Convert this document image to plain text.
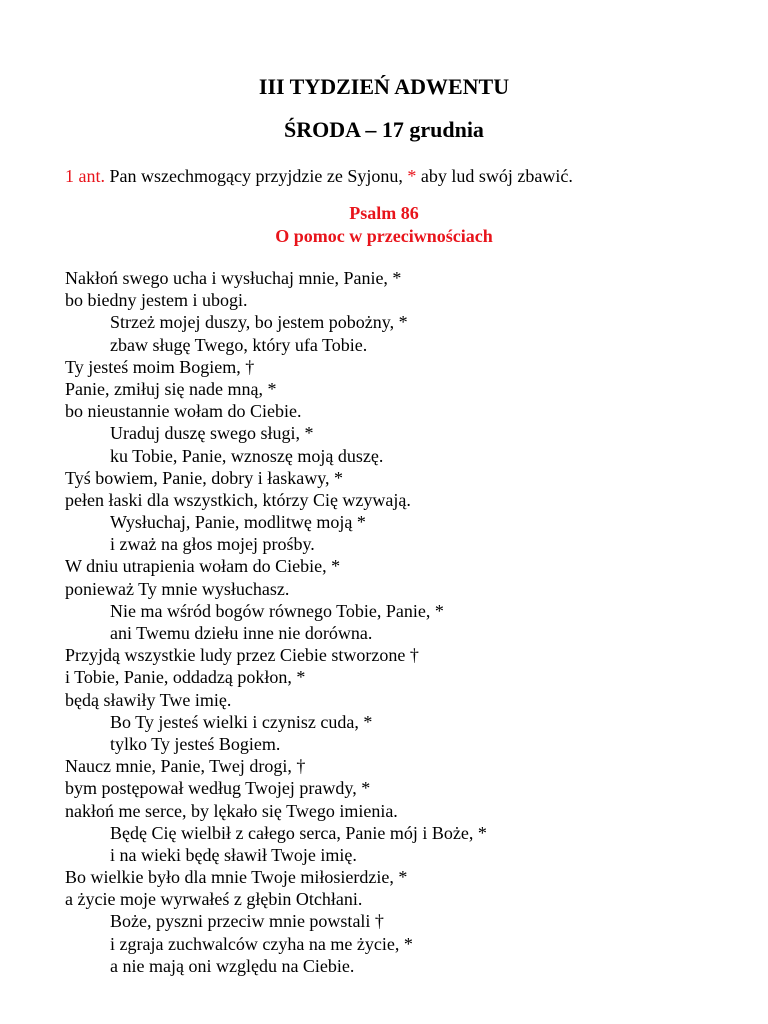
III TYDZIEŃ ADWENTU
ŚRODA – 17 grudnia
1 ant. Pan wszechmogący przyjdzie ze Syjonu, * aby lud swój zbawić.
Psalm 86
O pomoc w przeciwnościach
Nakłoń swego ucha i wysłuchaj mnie, Panie, *
bo biedny jestem i ubogi.
Strzeż mojej duszy, bo jestem pobożny, *
zbaw sługę Twego, który ufa Tobie.
Ty jesteś moim Bogiem, †
Panie, zmiłuj się nade mną, *
bo nieustannie wołam do Ciebie.
Uraduj duszę swego sługi, *
ku Tobie, Panie, wznoszę moją duszę.
Tyś bowiem, Panie, dobry i łaskawy, *
pełen łaski dla wszystkich, którzy Cię wzywają.
Wysłuchaj, Panie, modlitwę moją *
i zważ na głos mojej prośby.
W dniu utrapienia wołam do Ciebie, *
ponieważ Ty mnie wysłuchasz.
Nie ma wśród bogów równego Tobie, Panie, *
ani Twemu dziełu inne nie dorówna.
Przyjdą wszystkie ludy przez Ciebie stworzone †
i Tobie, Panie, oddadzą pokłon, *
będą sławiły Twe imię.
Bo Ty jesteś wielki i czynisz cuda, *
tylko Ty jesteś Bogiem.
Naucz mnie, Panie, Twej drogi, †
bym postępował według Twojej prawdy, *
nakłoń me serce, by lękało się Twego imienia.
Będę Cię wielbił z całego serca, Panie mój i Boże, *
i na wieki będę sławił Twoje imię.
Bo wielkie było dla mnie Twoje miłosierdzie, *
a życie moje wyrwałeś z głębin Otchłani.
Boże, pyszni przeciw mnie powstali †
i zgraja zuchwalców czyha na me życie, *
a nie mają oni względu na Ciebie.
